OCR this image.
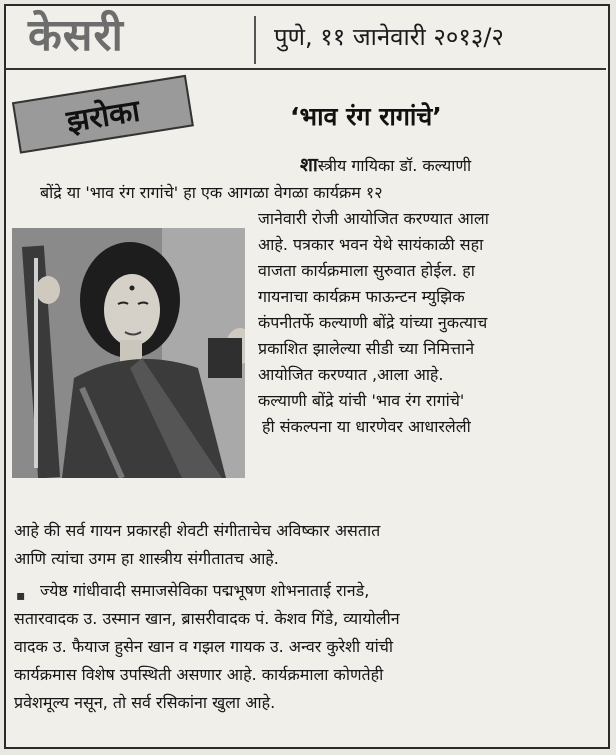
केसरी	पुणे, ११ जानेवारी २०१३/२
झरोका	‘भाव रंग रागांचे’
शास्त्रीय गायिका डॉ. कल्याणी
बोंद्रे या 'भाव रंग रागांचे' हा एक आगळा वेगळा कार्यक्रम १२
जानेवारी रोजी आयोजित करण्यात आला
आहे. पत्रकार भवन येथे सायंकाळी सहा
वाजता कार्यक्रमाला सुरुवात होईल. हा
गायनाचा कार्यक्रम फाऊन्टन म्युझिक
कंपनीतर्फे कल्याणी बोंद्रे यांच्या नुकत्याच
प्रकाशित झालेल्या सीडी च्या निमित्ताने
आयोजित करण्यात ,आला आहे.
कल्याणी बोंद्रे यांची 'भाव रंग रागांचे'
ही संकल्पना या धारणेवर आधारलेली
आहे की सर्व गायन प्रकारही शेवटी संगीताचेच अविष्कार असतात
आणि त्यांचा उगम हा शास्त्रीय संगीतातच आहे.
▪ ज्येष्ठ गांधीवादी समाजसेविका पद्मभूषण शोभनाताई रानडे,
सतारवादक उ. उस्मान खान, ब्रासरीवादक पं. केशव गिंडे, व्यायोलीन
वादक उ. फैयाज हुसेन खान व गझल गायक उ. अन्वर कुरेशी यांची
कार्यक्रमास विशेष उपस्थिती असणार आहे. कार्यक्रमाला कोणतेही
प्रवेशमूल्य नसून, तो सर्व रसिकांना खुला आहे.
